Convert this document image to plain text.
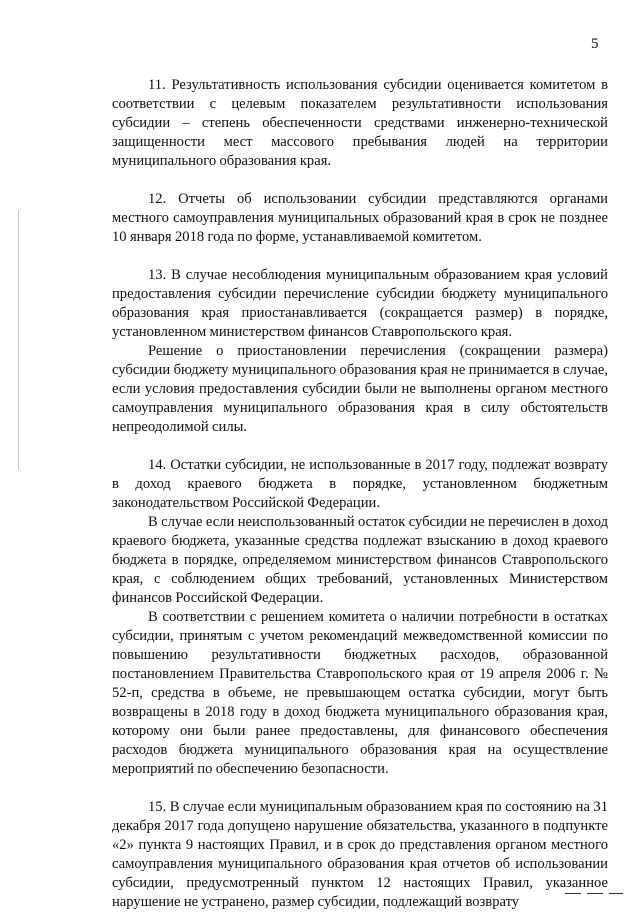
5

11. Результативность использования субсидии оценивается комитетом в соответствии с целевым показателем результативности использования субсидии – степень обеспеченности средствами инженерно-технической защищенности мест массового пребывания людей на территории муниципального образования края.

12. Отчеты об использовании субсидии представляются органами местного самоуправления муниципальных образований края в срок не позднее 10 января 2018 года по форме, устанавливаемой комитетом.

13. В случае несоблюдения муниципальным образованием края условий предоставления субсидии перечисление субсидии бюджету муниципального образования края приостанавливается (сокращается размер) в порядке, установленном министерством финансов Ставропольского края.

Решение о приостановлении перечисления (сокращении размера) субсидии бюджету муниципального образования края не принимается в случае, если условия предоставления субсидии были не выполнены органом местного самоуправления муниципального образования края в силу обстоятельств непреодолимой силы.

14. Остатки субсидии, не использованные в 2017 году, подлежат возврату в доход краевого бюджета в порядке, установленном бюджетным законодательством Российской Федерации.

В случае если неиспользованный остаток субсидии не перечислен в доход краевого бюджета, указанные средства подлежат взысканию в доход краевого бюджета в порядке, определяемом министерством финансов Ставропольского края, с соблюдением общих требований, установленных Министерством финансов Российской Федерации.

В соответствии с решением комитета о наличии потребности в остатках субсидии, принятым с учетом рекомендаций межведомственной комиссии по повышению результативности бюджетных расходов, образованной постановлением Правительства Ставропольского края от 19 апреля 2006 г. № 52-п, средства в объеме, не превышающем остатка субсидии, могут быть возвращены в 2018 году в доход бюджета муниципального образования края, которому они были ранее предоставлены, для финансового обеспечения расходов бюджета муниципального образования края на осуществление мероприятий по обеспечению безопасности.

15. В случае если муниципальным образованием края по состоянию на 31 декабря 2017 года допущено нарушение обязательства, указанного в подпункте «2» пункта 9 настоящих Правил, и в срок до представления органом местного самоуправления муниципального образования края отчетов об использовании субсидии, предусмотренный пунктом 12 настоящих Правил, указанное нарушение не устранено, размер субсидии, подлежащий возврату
